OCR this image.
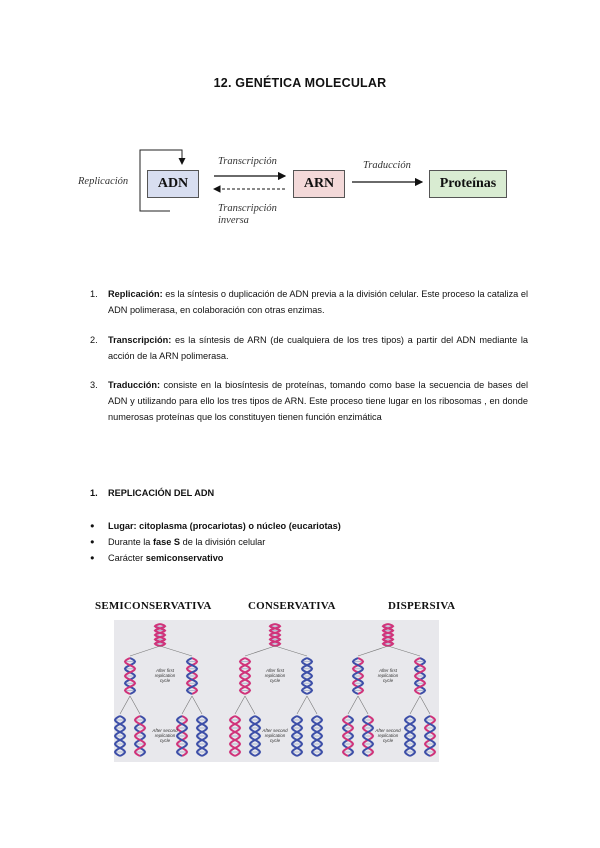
12. GENÉTICA MOLECULAR
ADN	ARN	Proteínas
Replicación
Transcripción
Transcripción
inversa
Traducción
1. Replicación: es la síntesis o duplicación de ADN previa a la división celular. Este proceso la cataliza el ADN polimerasa, en colaboración con otras enzimas.
2. Transcripción: es la síntesis de ARN (de cualquiera de los tres tipos) a partir del ADN mediante la acción de la ARN polimerasa.
3. Traducción: consiste en la biosíntesis de proteínas, tomando como base la secuencia de bases del ADN y utilizando para ello los tres tipos de ARN. Este proceso tiene lugar en los ribosomas , en donde numerosas proteínas que los constituyen tienen función enzimática
1. REPLICACIÓN DEL ADN
● Lugar: citoplasma (procariotas) o núcleo (eucariotas)
● Durante la fase S de la división celular
● Carácter semiconservativo
SEMICONSERVATIVA	CONSERVATIVA	DISPERSIVA
After first
replication
cycle
After first
replication
cycle
After first
replication
cycle
After second
replication
cycle
After second
replication
cycle
After second
replication
cycle
